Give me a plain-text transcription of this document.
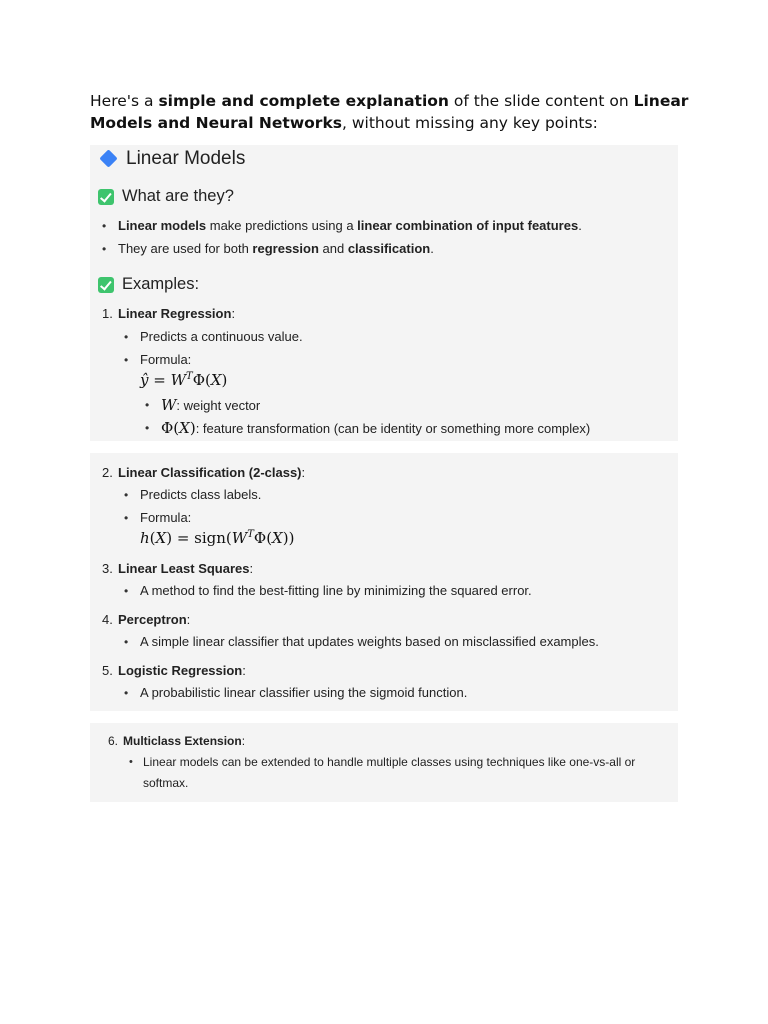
Here's a simple and complete explanation of the slide content on Linear Models and Neural Networks, without missing any key points:
Linear Models
What are they?
• Linear models make predictions using a linear combination of input features.
• They are used for both regression and classification.
Examples:
1. Linear Regression:
• Predicts a continuous value.
• Formula:
ŷ = $W^T\Phi(X)$
• W: weight vector
• Φ(X): feature transformation (can be identity or something more complex)
2. Linear Classification (2-class):
• Predicts class labels.
• Formula:
$h(X) = sign(W^T\Phi(X))$
3. Linear Least Squares:
• A method to find the best-fitting line by minimizing the squared error.
4. Perceptron:
• A simple linear classifier that updates weights based on misclassified examples.
5. Logistic Regression:
• A probabilistic linear classifier using the sigmoid function.
6. Multiclass Extension:
• Linear models can be extended to handle multiple classes using techniques like one-vs-all or
softmax.
